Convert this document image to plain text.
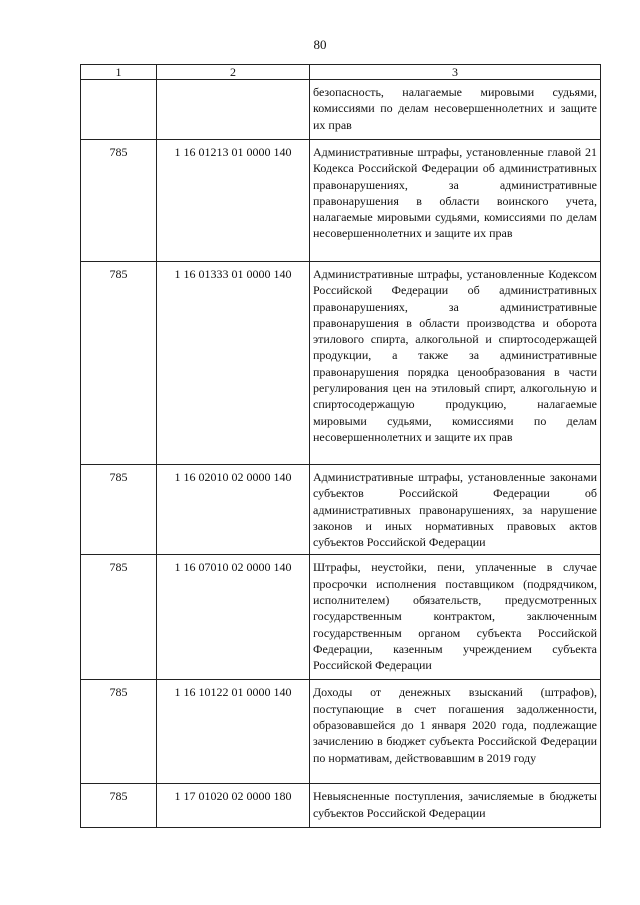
80
1	2	3
		безопасность, налагаемые мировыми судьями, комиссиями по делам несовершеннолетних и защите их прав
785	1 16 01213 01 0000 140	Административные штрафы, установленные главой 21 Кодекса Российской Федерации об административных правонарушениях, за административные правонарушения в области воинского учета, налагаемые мировыми судьями, комиссиями по делам несовершеннолетних и защите их прав
785	1 16 01333 01 0000 140	Административные штрафы, установленные Кодексом Российской Федерации об административных правонарушениях, за административные правонарушения в области производства и оборота этилового спирта, алкогольной и спиртосодержащей продукции, а также за административные правонарушения порядка ценообразования в части регулирования цен на этиловый спирт, алкогольную и спиртосодержащую продукцию, налагаемые мировыми судьями, комиссиями по делам несовершеннолетних и защите их прав
785	1 16 02010 02 0000 140	Административные штрафы, установленные законами субъектов Российской Федерации об административных правонарушениях, за нарушение законов и иных нормативных правовых актов субъектов Российской Федерации
785	1 16 07010 02 0000 140	Штрафы, неустойки, пени, уплаченные в случае просрочки исполнения поставщиком (подрядчиком, исполнителем) обязательств, предусмотренных государственным контрактом, заключенным государственным органом субъекта Российской Федерации, казенным учреждением субъекта Российской Федерации
785	1 16 10122 01 0000 140	Доходы от денежных взысканий (штрафов), поступающие в счет погашения задолженности, образовавшейся до 1 января 2020 года, подлежащие зачислению в бюджет субъекта Российской Федерации по нормативам, действовавшим в 2019 году
785	1 17 01020 02 0000 180	Невыясненные поступления, зачисляемые в бюджеты субъектов Российской Федерации
